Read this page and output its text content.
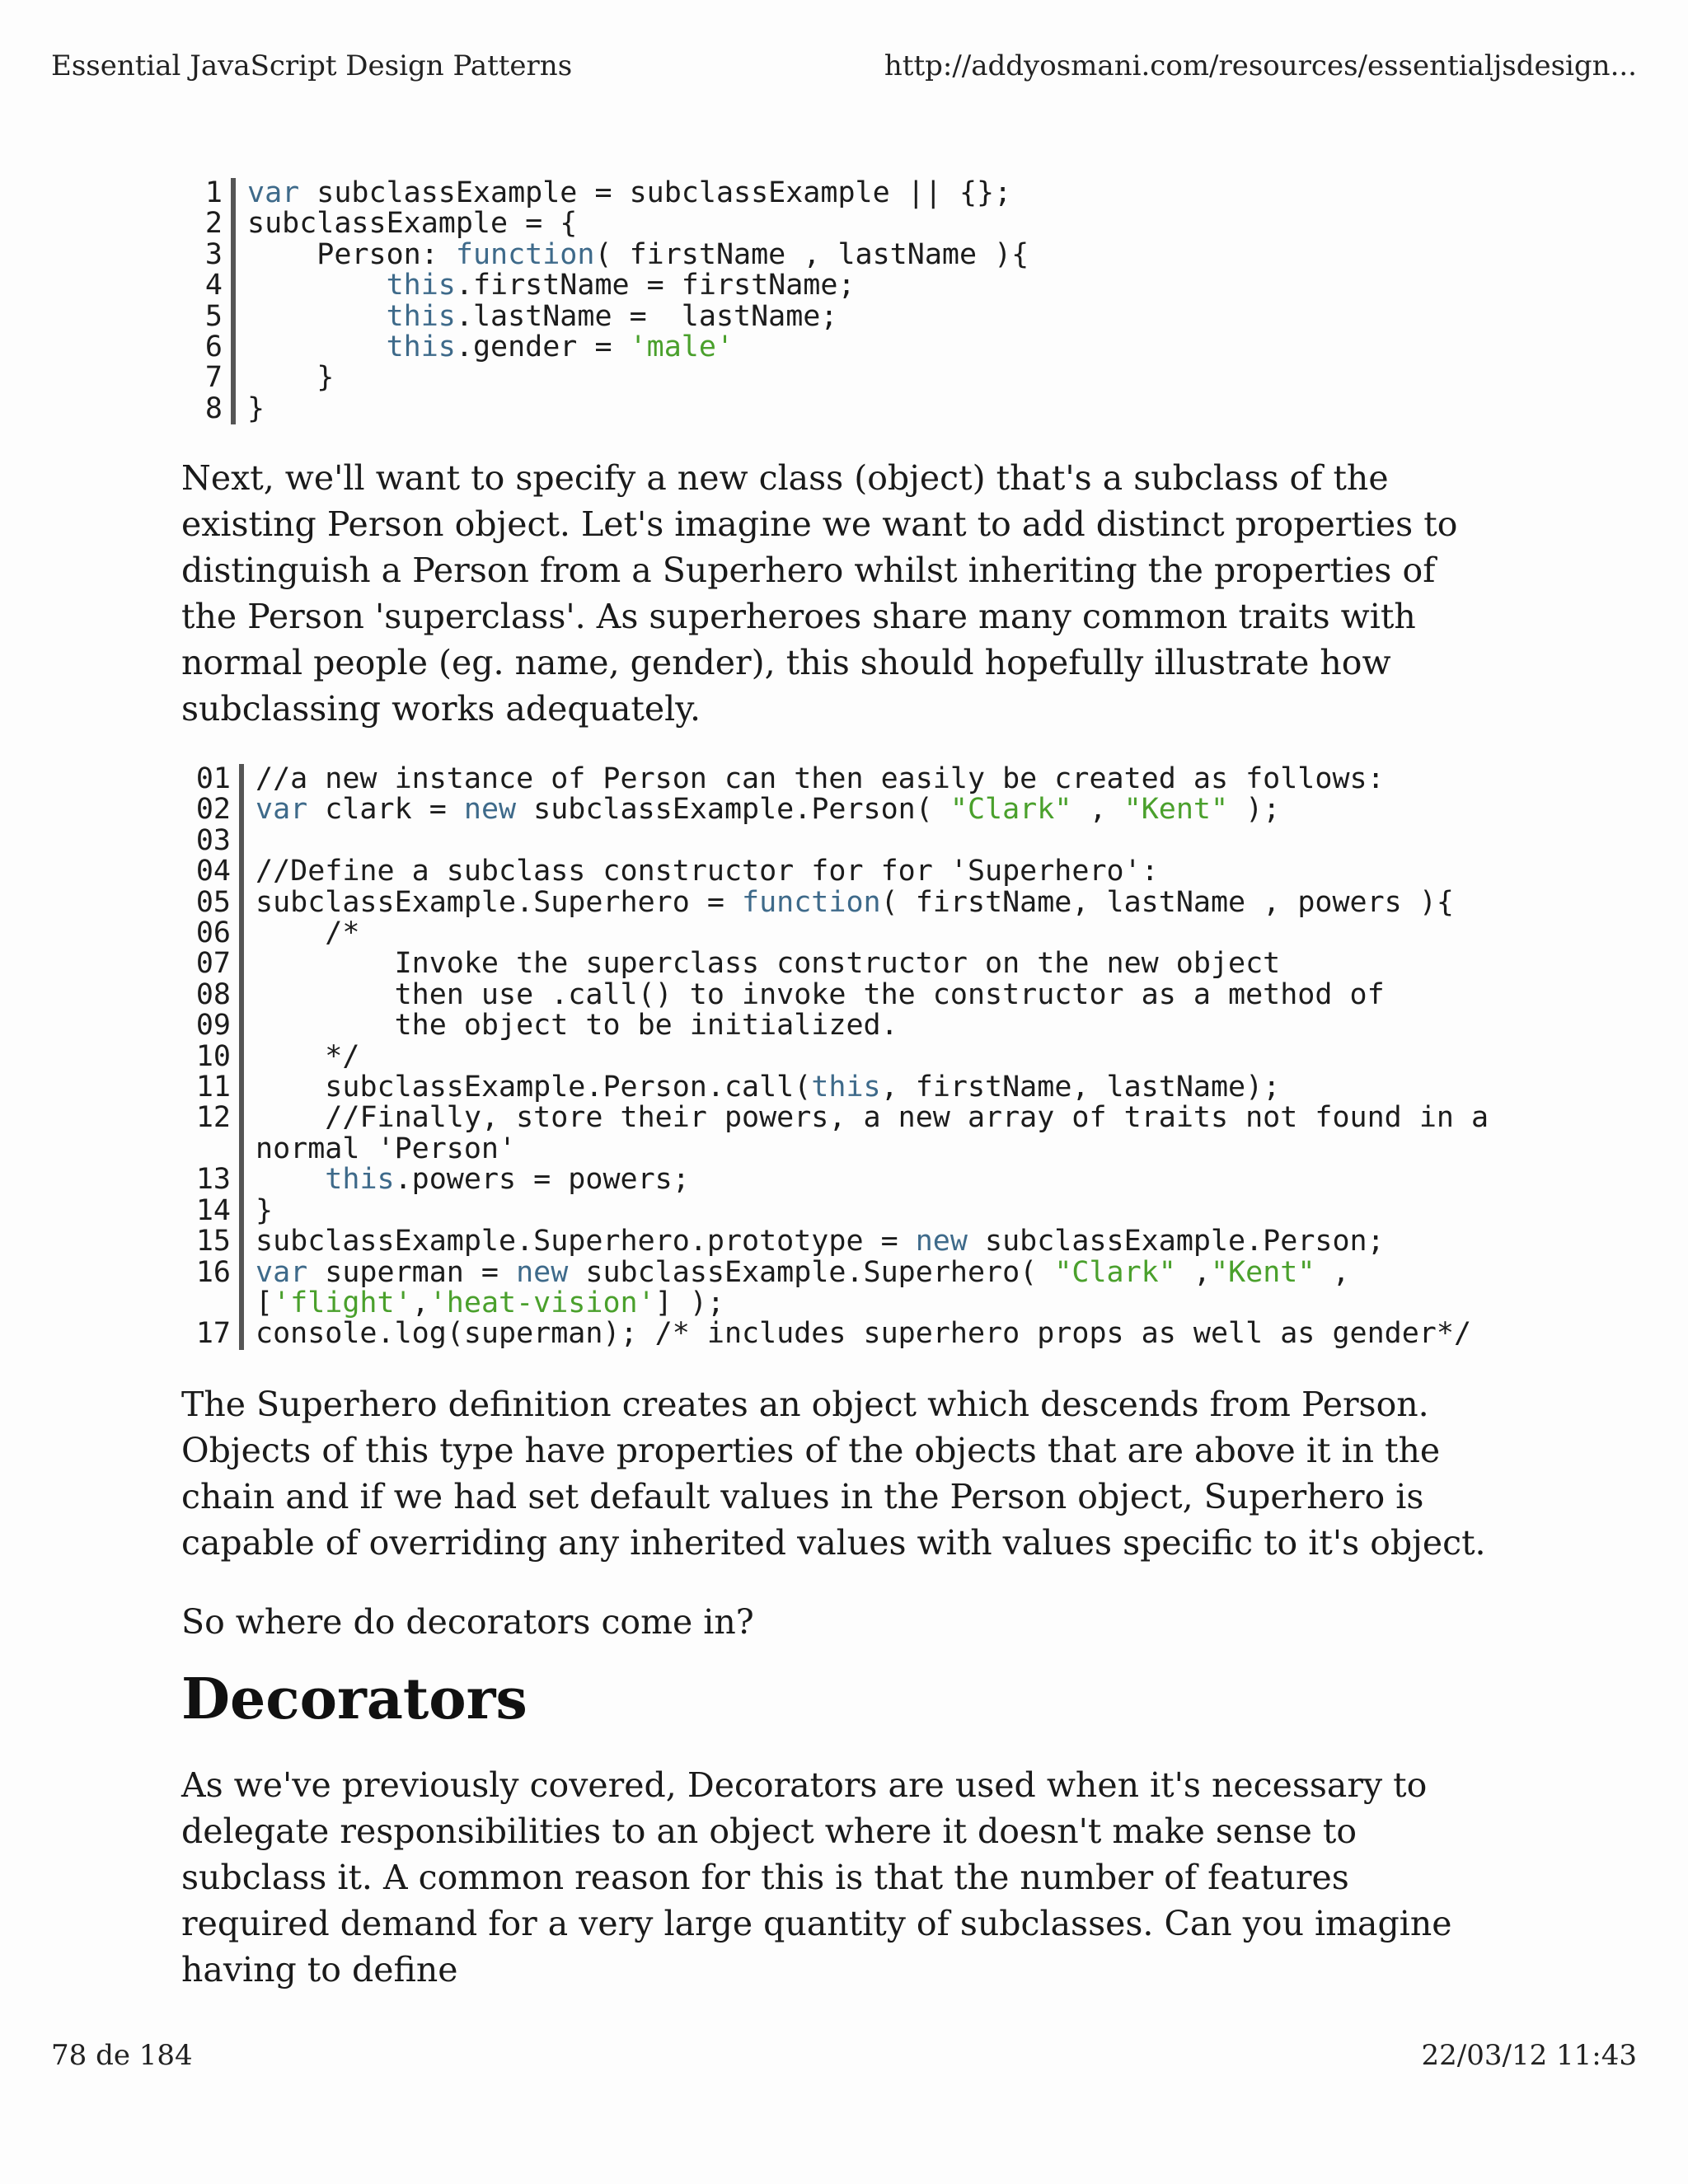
Essential JavaScript Design Patterns	http://addyosmani.com/resources/essentialjsdesign...
1 var subclassExample = subclassExample || {};
2 subclassExample = {
3 Person: function( firstName , lastName ){
4	this.firstName = firstName;
5	this.lastName =  lastName;
6	this.gender = 'male'
7 }
8 }

Next, we'll want to specify a new class (object) that's a subclass of the existing Person object. Let's imagine we want to add distinct properties to distinguish a Person from a Superhero whilst inheriting the properties of the Person 'superclass'. As superheroes share many common traits with normal people (eg. name, gender), this should hopefully illustrate how subclassing works adequately.

01 //a new instance of Person can then easily be created as follows:
02 var clark = new subclassExample.Person( "Clark" , "Kent" );
03

04 //Define a subclass constructor for for 'Superhero':
05 subclassExample.Superhero = function( firstName, lastName , powers ){
06 /*
07 Invoke the superclass constructor on the new object
08 then use .call() to invoke the constructor as a method of
09 the object to be initialized.
10 */
11 subclassExample.Person.call(this, firstName, lastName);
12 //Finally, store their powers, a new array of traits not found in a normal 'Person'
13	this.powers = powers;
14 }
15 subclassExample.Superhero.prototype = new subclassExample.Person;
16 var superman = new subclassExample.Superhero( "Clark" ,"Kent" , ['flight','heat-vision'] );
17 console.log(superman); /* includes superhero props as well as gender*/

The Superhero definition creates an object which descends from Person. Objects of this type have properties of the objects that are above it in the chain and if we had set default values in the Person object, Superhero is capable of overriding any inherited values with values specific to it's object.

So where do decorators come in?

Decorators

As we've previously covered, Decorators are used when it's necessary to delegate responsibilities to an object where it doesn't make sense to subclass it. A common reason for this is that the number of features required demand for a very large quantity of subclasses. Can you imagine having to define

78 de 184	22/03/12 11:43
